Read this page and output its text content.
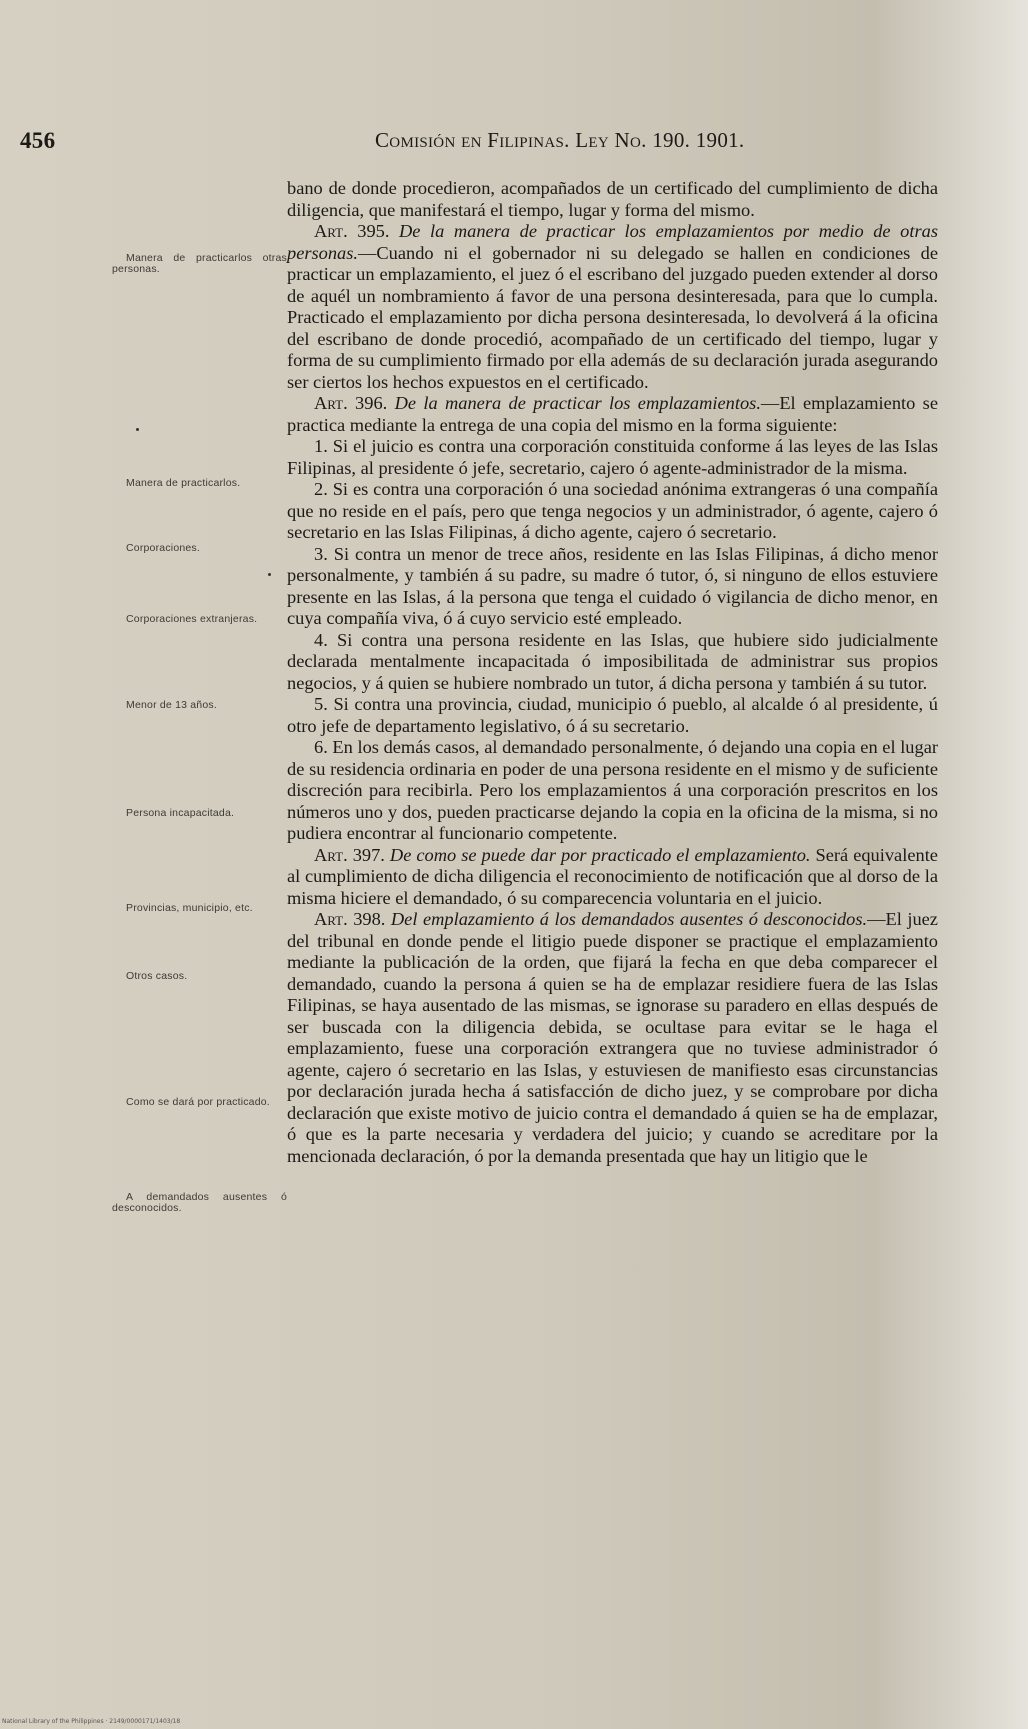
456	Comisión en Filipinas. Ley No. 190. 1901.
Manera de practicarlos otras personas.
Manera de practicarlos.
Corporaciones.
Corporaciones extranjeras.
Menor de 13 años.
Persona incapacitada.
Provincias, municipio, etc.
Otros casos.
Como se dará por practicado.
A demandados ausentes ó desconocidos.

bano de donde procedieron, acompañados de un certificado del cumplimiento de dicha diligencia, que manifestará el tiempo, lugar y forma del mismo.

Art. 395. De la manera de practicar los emplazamientos por medio de otras personas.—Cuando ni el gobernador ni su delegado se hallen en condiciones de practicar un emplazamiento, el juez ó el escribano del juzgado pueden extender al dorso de aquél un nombramiento á favor de una persona desinteresada, para que lo cumpla. Practicado el emplazamiento por dicha persona desinteresada, lo devolverá á la oficina del escribano de donde procedió, acompañado de un certificado del tiempo, lugar y forma de su cumplimiento firmado por ella además de su declaración jurada asegurando ser ciertos los hechos expuestos en el certificado.

Art. 396. De la manera de practicar los emplazamientos.—El emplazamiento se practica mediante la entrega de una copia del mismo en la forma siguiente:

1. Si el juicio es contra una corporación constituida conforme á las leyes de las Islas Filipinas, al presidente ó jefe, secretario, cajero ó agente-administrador de la misma.

2. Si es contra una corporación ó una sociedad anónima extrangeras ó una compañía que no reside en el país, pero que tenga negocios y un administrador, ó agente, cajero ó secretario en las Islas Filipinas, á dicho agente, cajero ó secretario.

3. Si contra un menor de trece años, residente en las Islas Filipinas, á dicho menor personalmente, y también á su padre, su madre ó tutor, ó, si ninguno de ellos estuviere presente en las Islas, á la persona que tenga el cuidado ó vigilancia de dicho menor, en cuya compañía viva, ó á cuyo servicio esté empleado.

4. Si contra una persona residente en las Islas, que hubiere sido judicialmente declarada mentalmente incapacitada ó imposibilitada de administrar sus propios negocios, y á quien se hubiere nombrado un tutor, á dicha persona y también á su tutor.

5. Si contra una provincia, ciudad, municipio ó pueblo, al alcalde ó al presidente, ú otro jefe de departamento legislativo, ó á su secretario.

6. En los demás casos, al demandado personalmente, ó dejando una copia en el lugar de su residencia ordinaria en poder de una persona residente en el mismo y de suficiente discreción para recibirla. Pero los emplazamientos á una corporación prescritos en los números uno y dos, pueden practicarse dejando la copia en la oficina de la misma, si no pudiera encontrar al funcionario competente.

Art. 397. De como se puede dar por practicado el emplazamiento. Será equivalente al cumplimiento de dicha diligencia el reconocimiento de notificación que al dorso de la misma hiciere el demandado, ó su comparecencia voluntaria en el juicio.

Art. 398. Del emplazamiento á los demandados ausentes ó desconocidos.—El juez del tribunal en donde pende el litigio puede disponer se practique el emplazamiento mediante la publicación de la orden, que fijará la fecha en que deba comparecer el demandado, cuando la persona á quien se ha de emplazar residiere fuera de las Islas Filipinas, se haya ausentado de las mismas, se ignorase su paradero en ellas después de ser buscada con la diligencia debida, se ocultase para evitar se le haga el emplazamiento, fuese una corporación extrangera que no tuviese administrador ó agente, cajero ó secretario en las Islas, y estuviesen de manifiesto esas circunstancias por declaración jurada hecha á satisfacción de dicho juez, y se comprobare por dicha declaración que existe motivo de juicio contra el demandado á quien se ha de emplazar, ó que es la parte necesaria y verdadera del juicio; y cuando se acreditare por la mencionada declaración, ó por la demanda presentada que hay un litigio que le

National Library of the Philippines · 2149/0000171/1403/18
